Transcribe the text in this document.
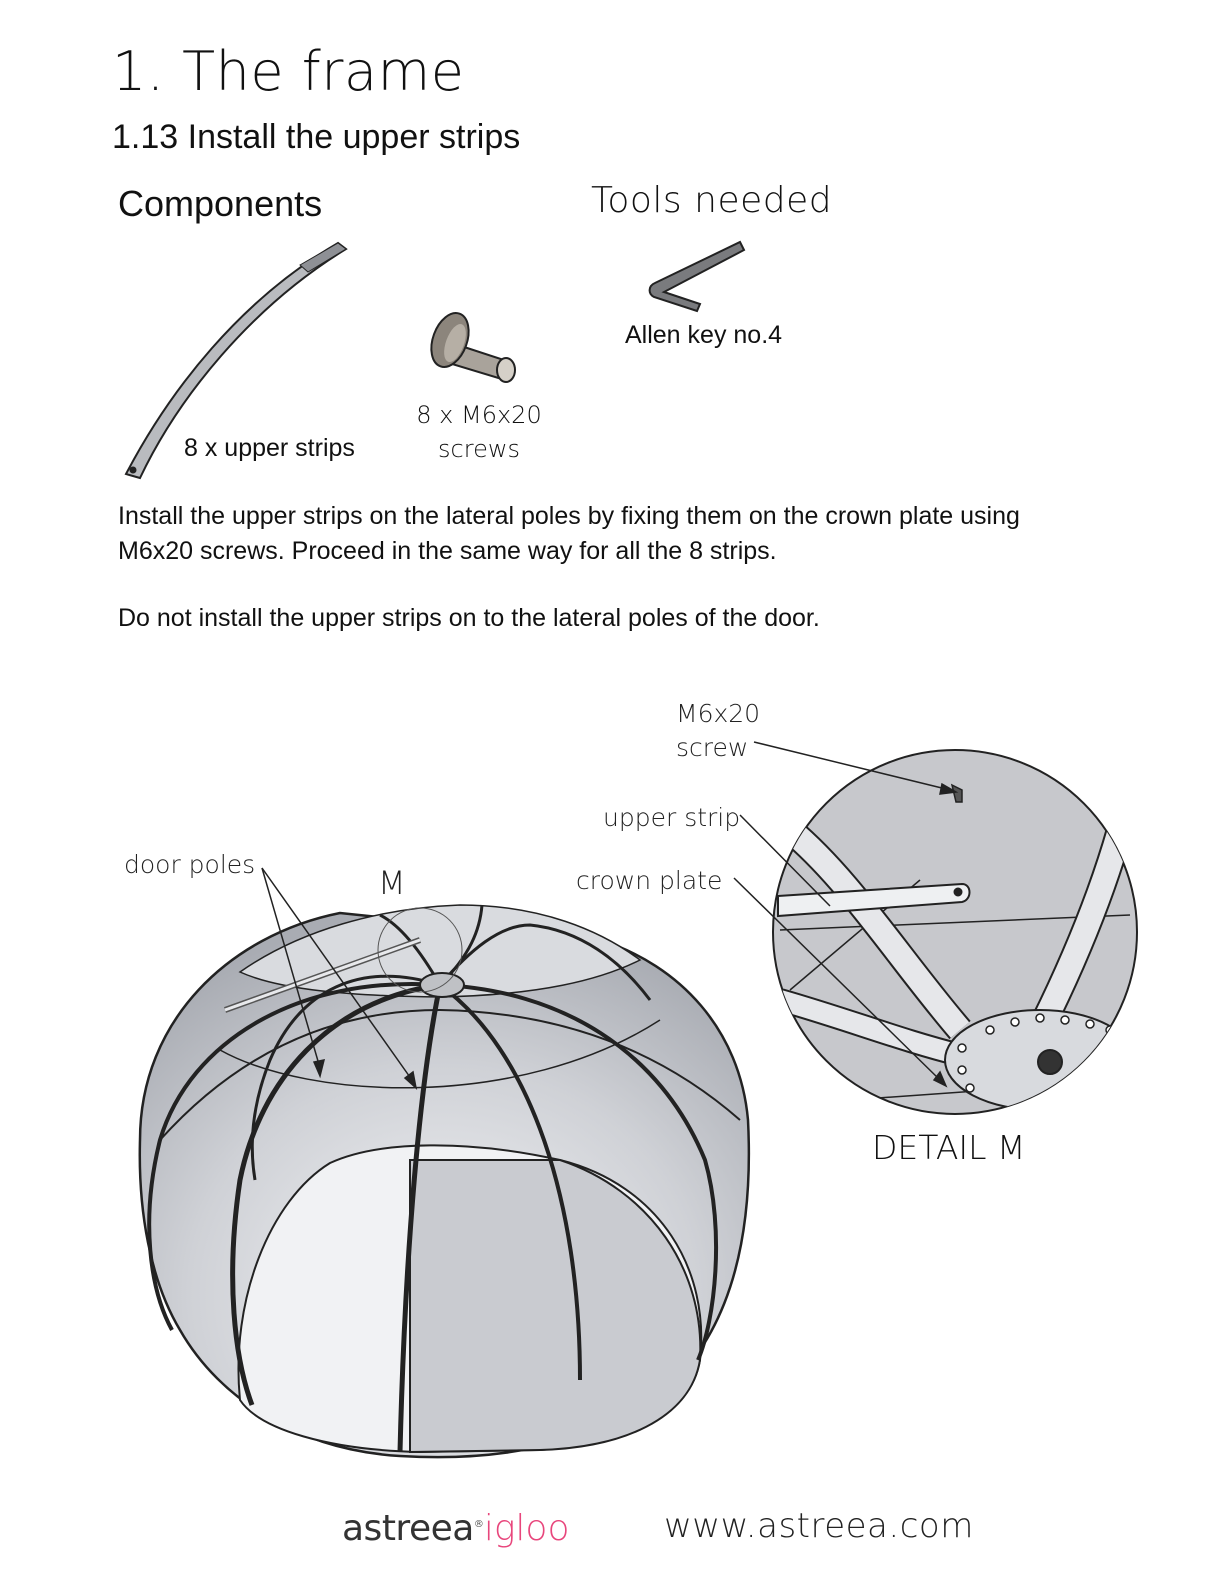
1. The frame
1.13 Install the upper strips
Components	Tools needed
8 x upper strips
8 x M6x20
screws
Allen key no.4
Install the upper strips on the lateral poles by fixing them on the crown plate using
M6x20 screws. Proceed in the same way for all the 8 strips.
Do not install the upper strips on to the lateral poles of the door.
door poles	M
M6x20
screw
upper strip
crown plate
DETAIL M
astreea®igloo	www.astreea.com
